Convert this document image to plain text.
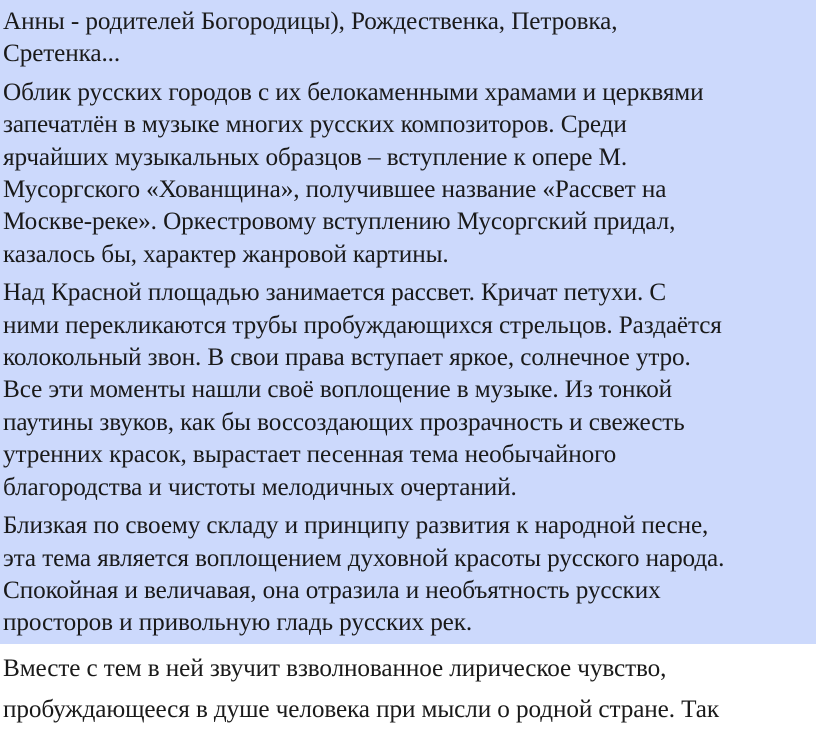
Анны - родителей Богородицы), Рождественка, Петровка,
Сретенка...

Облик русских городов с их белокаменными храмами и церквями
запечатлён в музыке многих русских композиторов. Среди
ярчайших музыкальных образцов – вступление к опере М.
Мусоргского «Хованщина», получившее название «Рассвет на
Москве-реке». Оркестровому вступлению Мусоргский придал,
казалось бы, характер жанровой картины.

Над Красной площадью занимается рассвет. Кричат петухи. С
ними перекликаются трубы пробуждающихся стрельцов. Раздаётся
колокольный звон. В свои права вступает яркое, солнечное утро.
Все эти моменты нашли своё воплощение в музыке. Из тонкой
паутины звуков, как бы воссоздающих прозрачность и свежесть
утренних красок, вырастает песенная тема необычайного
благородства и чистоты мелодичных очертаний.

Близкая по своему складу и принципу развития к народной песне,
эта тема является воплощением духовной красоты русского народа.
Спокойная и величавая, она отразила и необъятность русских
просторов и привольную гладь русских рек.

Вместе с тем в ней звучит взволнованное лирическое чувство,
пробуждающееся в душе человека при мысли о родной стране. Так
